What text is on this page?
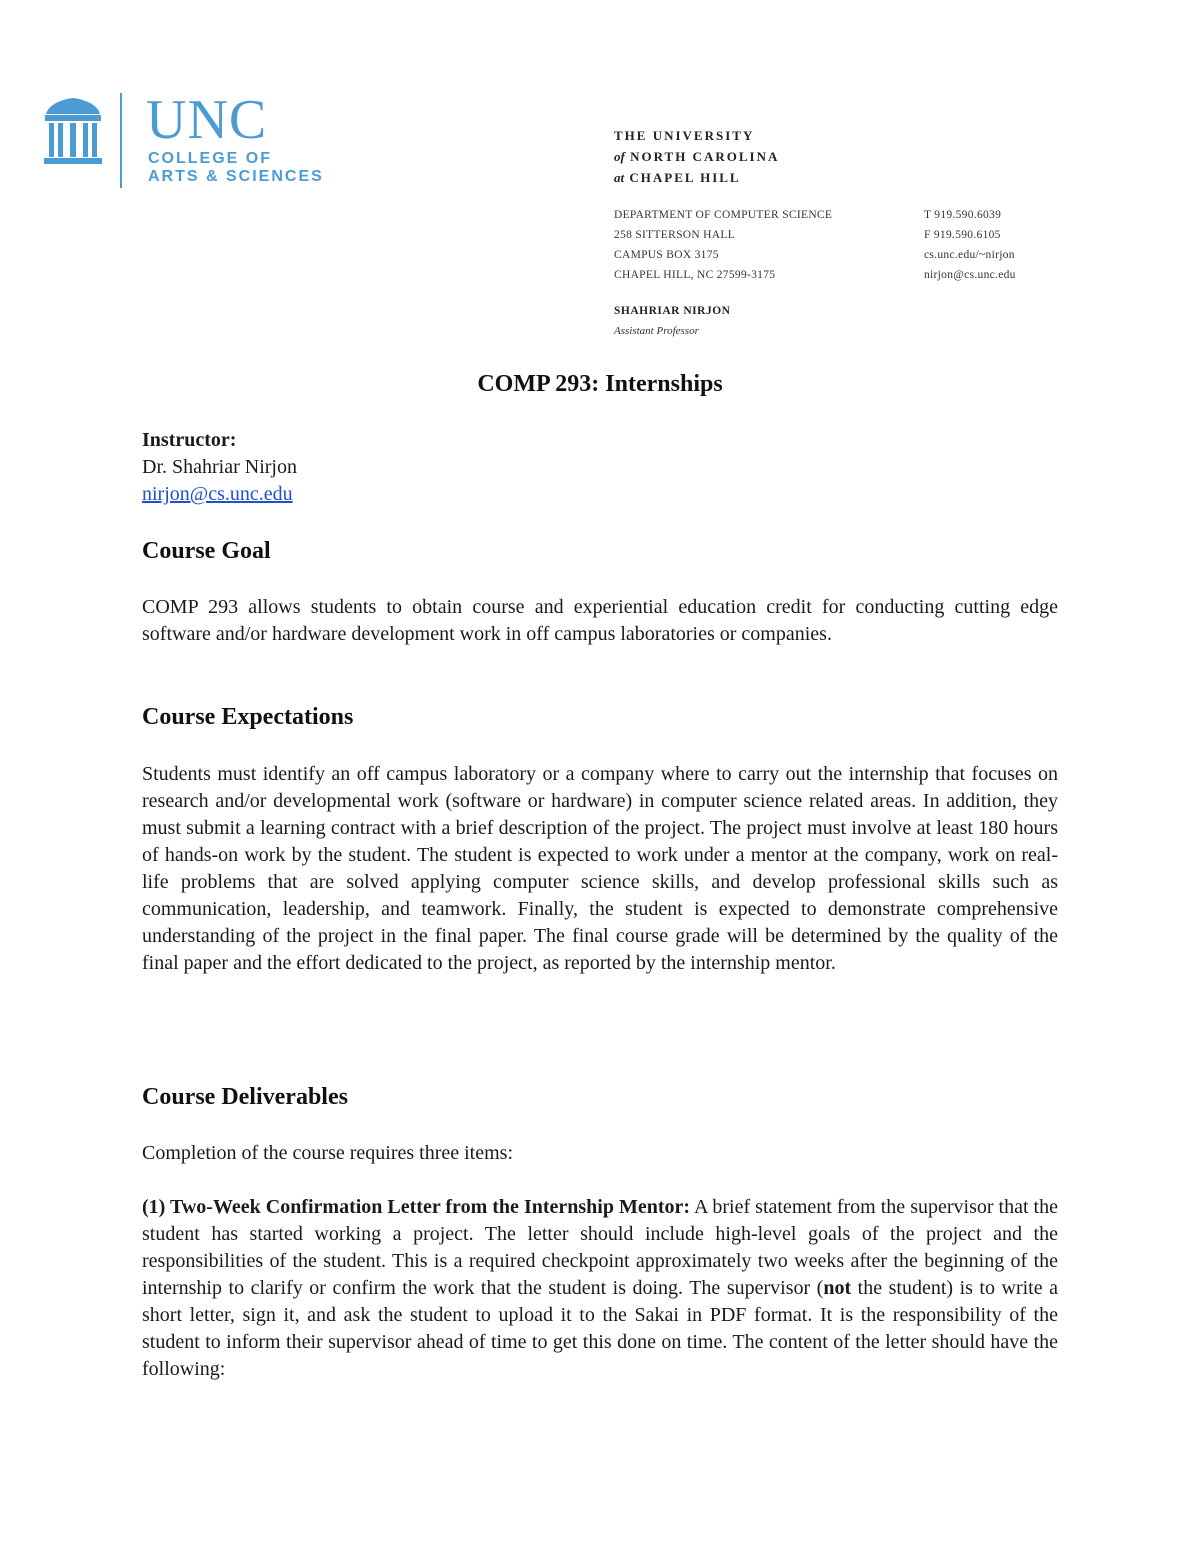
UNC
COLLEGE OF
ARTS & SCIENCES
THE UNIVERSITY
of NORTH CAROLINA
at CHAPEL HILL
DEPARTMENT OF COMPUTER SCIENCE
258 SITTERSON HALL
CAMPUS BOX 3175
CHAPEL HILL, NC 27599-3175
T 919.590.6039
F 919.590.6105
cs.unc.edu/~nirjon
nirjon@cs.unc.edu
SHAHRIAR NIRJON
Assistant Professor
COMP 293: Internships
Instructor:
Dr. Shahriar Nirjon
nirjon@cs.unc.edu
Course Goal
COMP 293 allows students to obtain course and experiential education credit for conducting cutting edge software and/or hardware development work in off campus laboratories or companies.
Course Expectations
Students must identify an off campus laboratory or a company where to carry out the internship that focuses on research and/or developmental work (software or hardware) in computer science related areas. In addition, they must submit a learning contract with a brief description of the project. The project must involve at least 180 hours of hands-on work by the student. The student is expected to work under a mentor at the company, work on real-life problems that are solved applying computer science skills, and develop professional skills such as communication, leadership, and teamwork. Finally, the student is expected to demonstrate comprehensive understanding of the project in the final paper. The final course grade will be determined by the quality of the final paper and the effort dedicated to the project, as reported by the internship mentor.
Course Deliverables
Completion of the course requires three items:
(1) Two-Week Confirmation Letter from the Internship Mentor: A brief statement from the supervisor that the student has started working a project. The letter should include high-level goals of the project and the responsibilities of the student. This is a required checkpoint approximately two weeks after the beginning of the internship to clarify or confirm the work that the student is doing. The supervisor (not the student) is to write a short letter, sign it, and ask the student to upload it to the Sakai in PDF format. It is the responsibility of the student to inform their supervisor ahead of time to get this done on time. The content of the letter should have the following:
